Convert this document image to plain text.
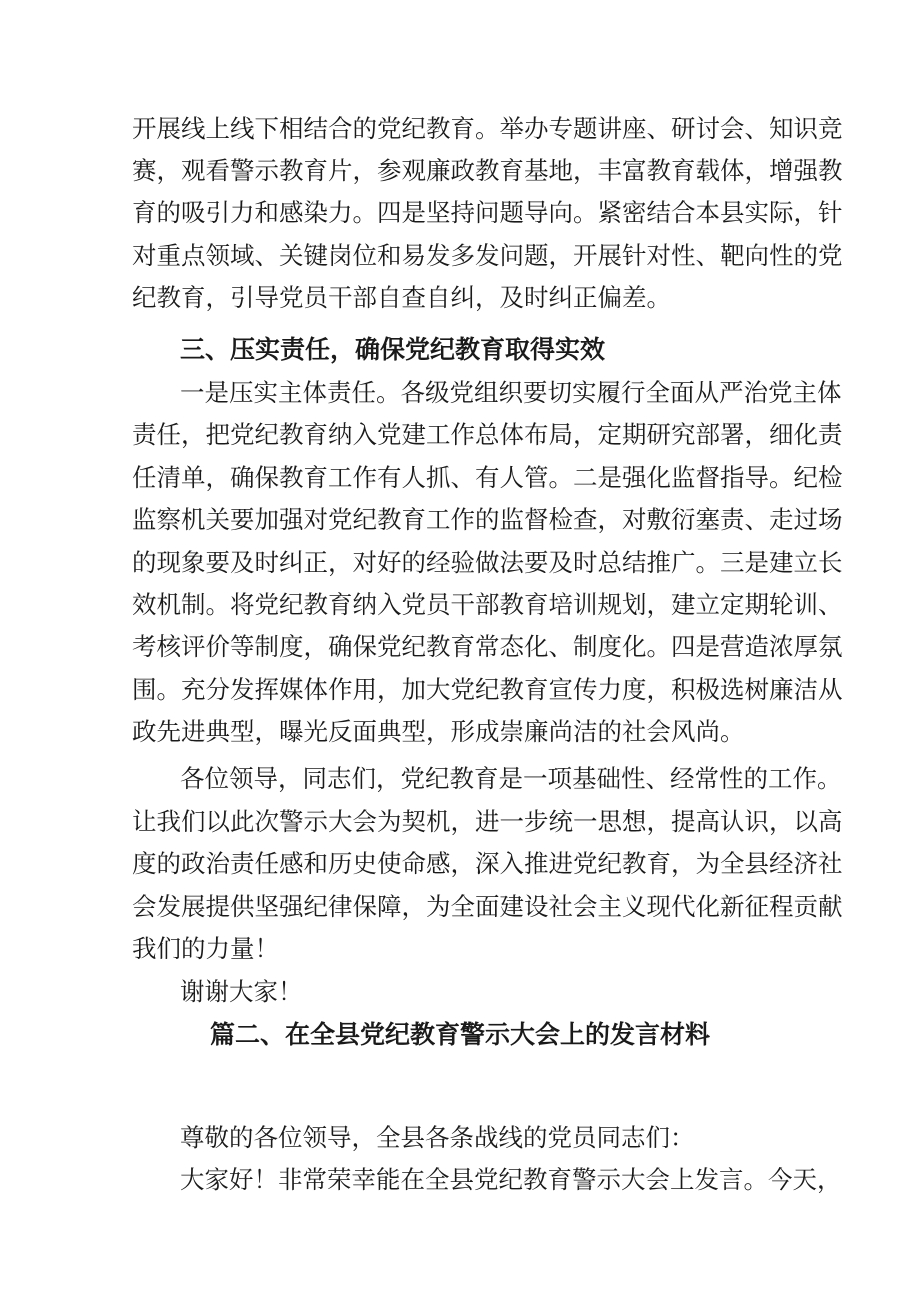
开展线上线下相结合的党纪教育。举办专题讲座、研讨会、知识竞
赛，观看警示教育片，参观廉政教育基地，丰富教育载体，增强教
育的吸引力和感染力。四是坚持问题导向。紧密结合本县实际，针
对重点领域、关键岗位和易发多发问题，开展针对性、靶向性的党
纪教育，引导党员干部自查自纠，及时纠正偏差。
三、压实责任，确保党纪教育取得实效
一是压实主体责任。各级党组织要切实履行全面从严治党主体
责任，把党纪教育纳入党建工作总体布局，定期研究部署，细化责
任清单，确保教育工作有人抓、有人管。二是强化监督指导。纪检
监察机关要加强对党纪教育工作的监督检查，对敷衍塞责、走过场
的现象要及时纠正，对好的经验做法要及时总结推广。三是建立长
效机制。将党纪教育纳入党员干部教育培训规划，建立定期轮训、
考核评价等制度，确保党纪教育常态化、制度化。四是营造浓厚氛
围。充分发挥媒体作用，加大党纪教育宣传力度，积极选树廉洁从
政先进典型，曝光反面典型，形成崇廉尚洁的社会风尚。
各位领导，同志们，党纪教育是一项基础性、经常性的工作。
让我们以此次警示大会为契机，进一步统一思想，提高认识，以高
度的政治责任感和历史使命感，深入推进党纪教育，为全县经济社
会发展提供坚强纪律保障，为全面建设社会主义现代化新征程贡献
我们的力量！
谢谢大家！
篇二、在全县党纪教育警示大会上的发言材料
尊敬的各位领导，全县各条战线的党员同志们：
大家好！非常荣幸能在全县党纪教育警示大会上发言。今天，
